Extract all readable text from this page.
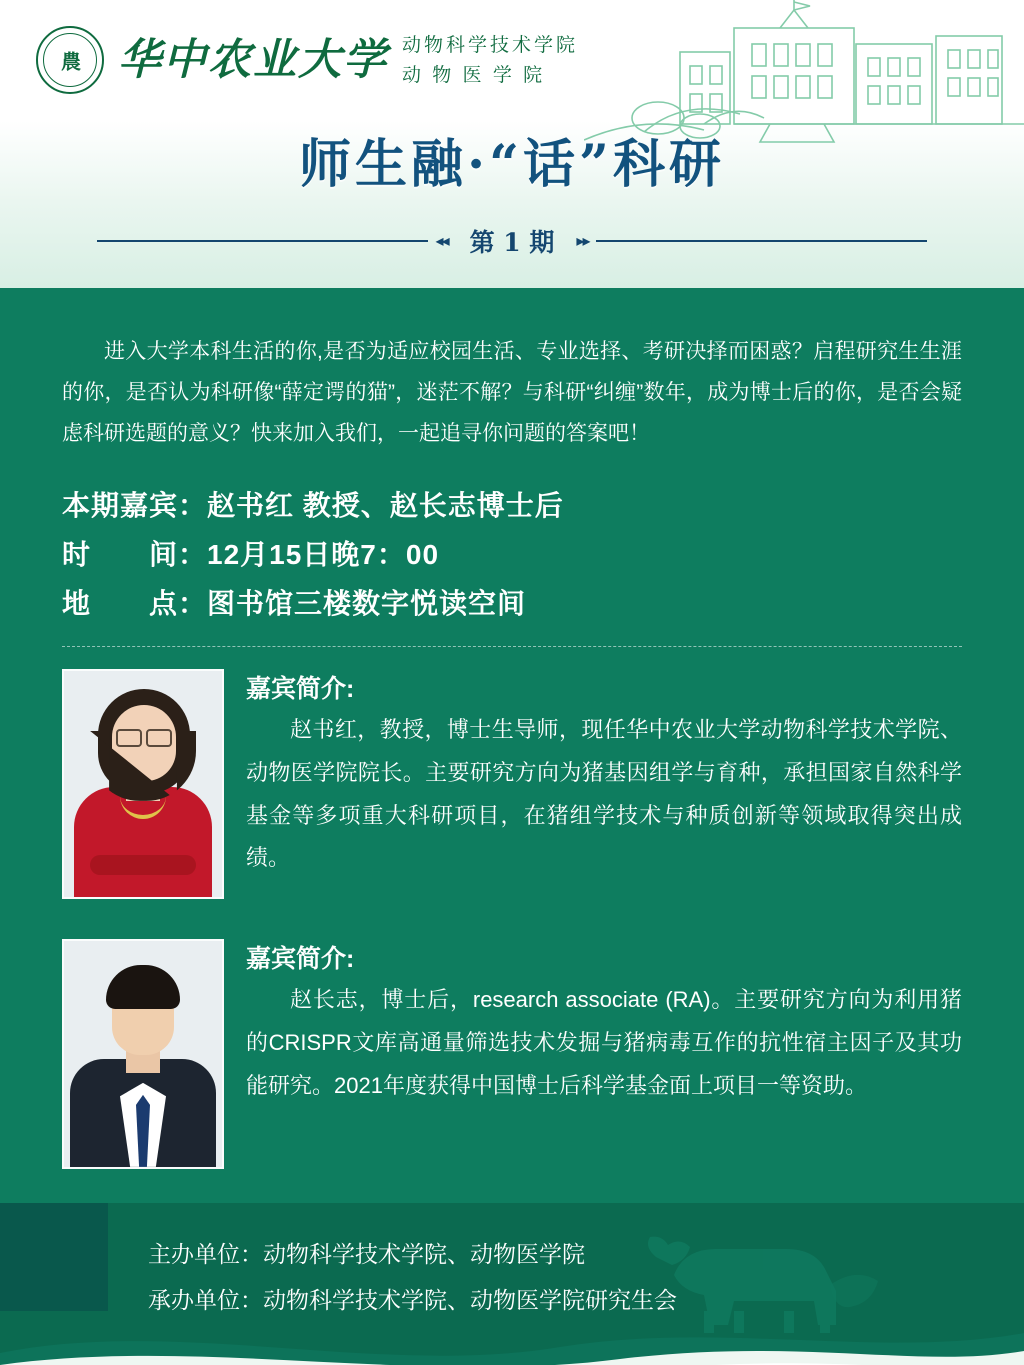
農 华中农业大学 动物科学技术学院
动 物 医 学 院
师生融·“话”科研
◂◂ 第 1 期	▸▸
进入大学本科生活的你,是否为适应校园生活、专业选择、考研决择而困惑？启程研究生生涯的你，是否认为科研像“薛定谔的猫”，迷茫不解？与科研“纠缠”数年，成为博士后的你，是否会疑虑科研选题的意义？快来加入我们，一起追寻你问题的答案吧！
本期嘉宾：赵书红 教授、赵长志博士后
时　　间：12月15日晚7：00
地　　点：图书馆三楼数字悦读空间
嘉宾简介:
赵书红，教授，博士生导师，现任华中农业大学动物科学技术学院、动物医学院院长。主要研究方向为猪基因组学与育种，承担国家自然科学基金等多项重大科研项目，在猪组学技术与种质创新等领域取得突出成绩。
嘉宾简介:
赵长志，博士后，research associate (RA)。主要研究方向为利用猪的CRISPR文库高通量筛选技术发掘与猪病毒互作的抗性宿主因子及其功能研究。2021年度获得中国博士后科学基金面上项目一等资助。
主办单位：动物科学技术学院、动物医学院
承办单位：动物科学技术学院、动物医学院研究生会
